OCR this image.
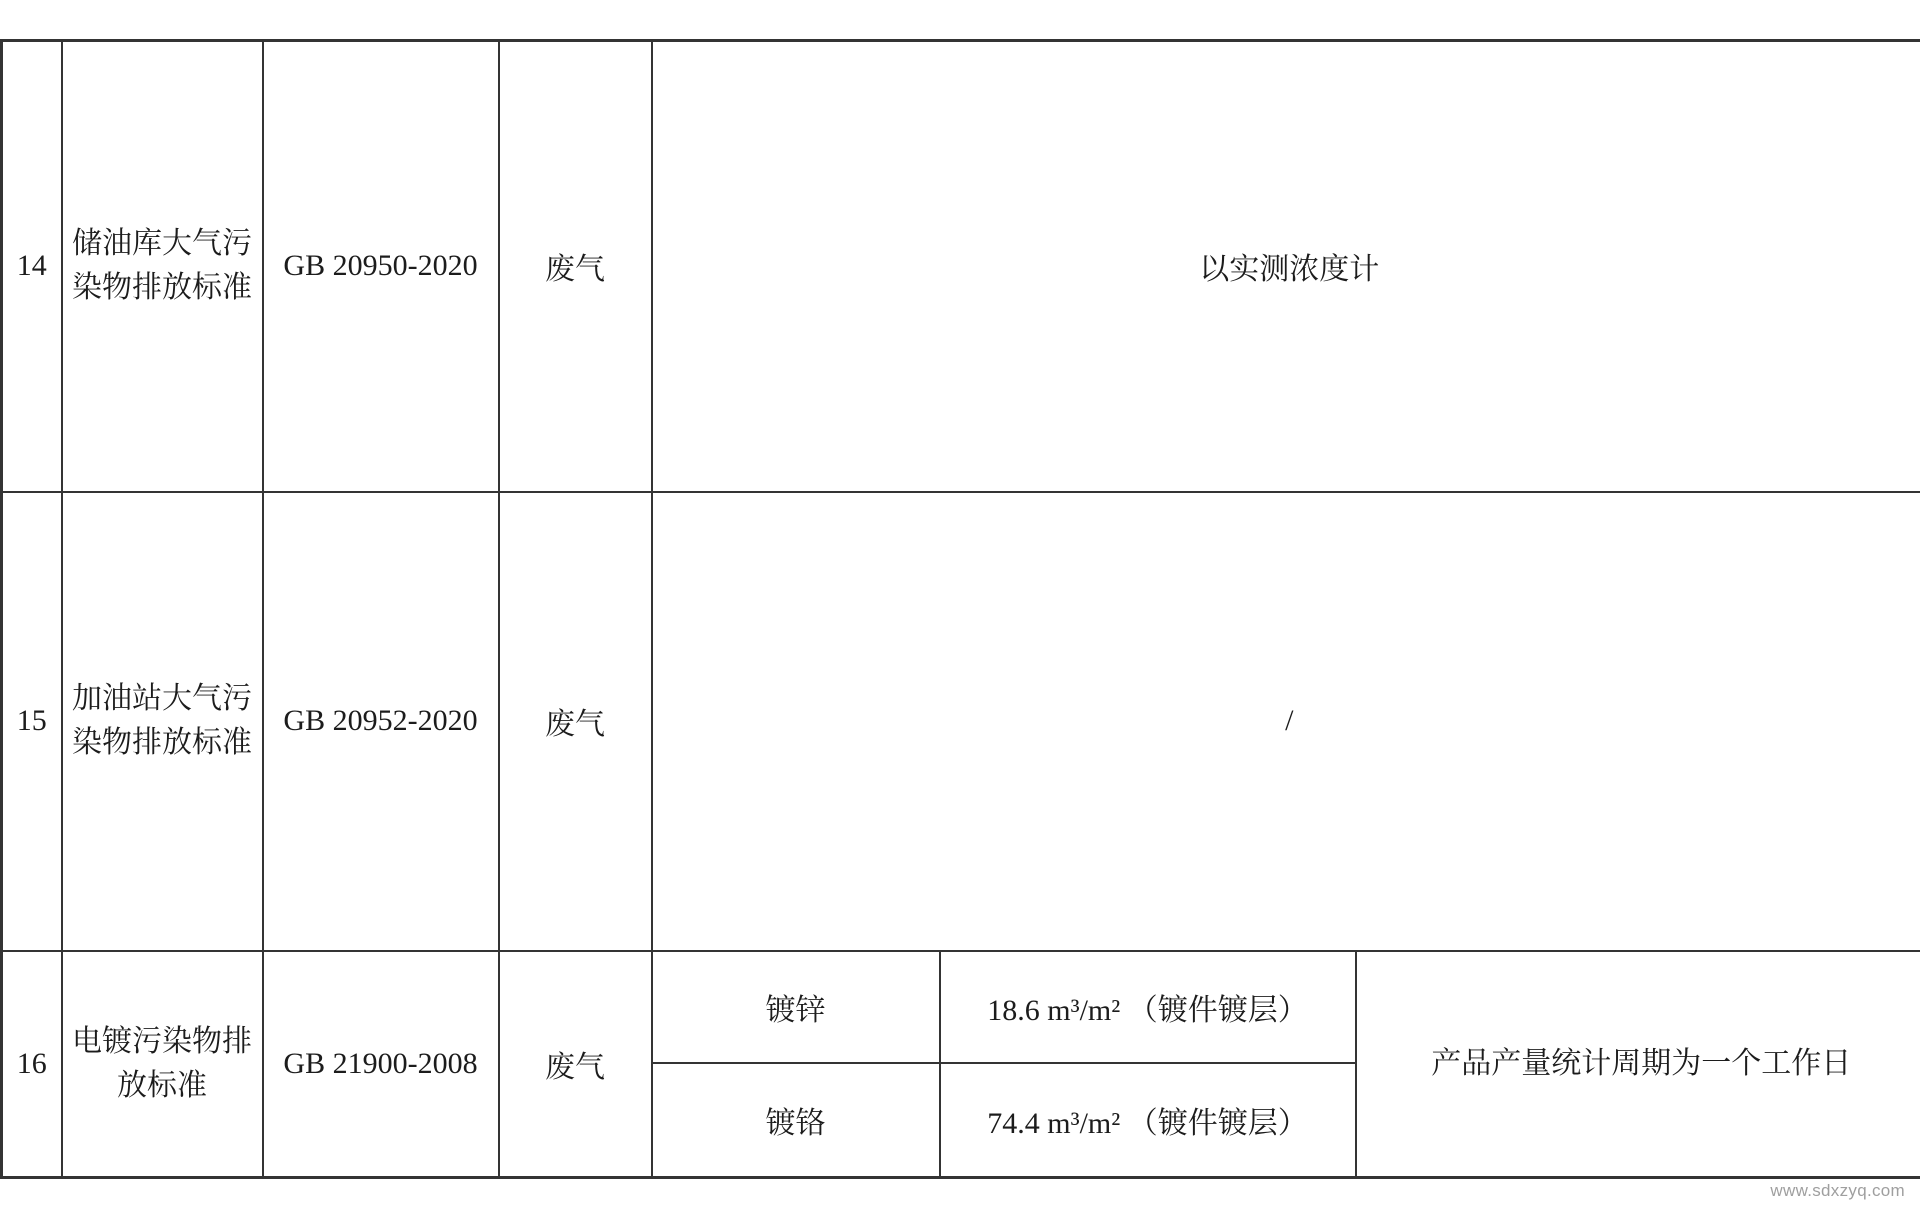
14	储油库大气污染物排放标准	GB 20950-2020	废气	以实测浓度计		
15	加油站大气污染物排放标准	GB 20952-2020	废气	/		
16	电镀污染物排放标准	GB 21900-2008	废气	镀锌	18.6 m³/m² （镀件镀层）	产品产量统计周期为一个工作日
				镀铬	74.4 m³/m² （镀件镀层）	
www.sdxzyq.com
